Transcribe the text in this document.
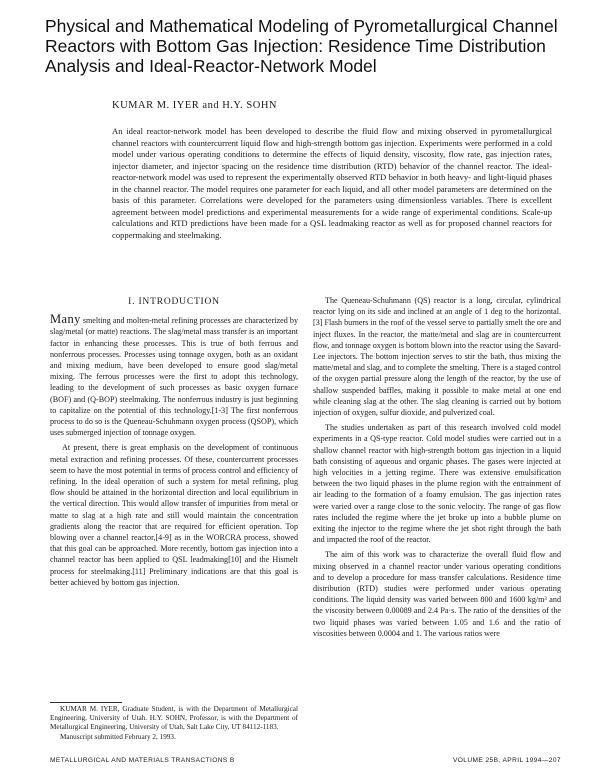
Physical and Mathematical Modeling of Pyrometallurgical Channel Reactors with Bottom Gas Injection: Residence Time Distribution Analysis and Ideal-Reactor-Network Model
KUMAR M. IYER and H.Y. SOHN
An ideal reactor-network model has been developed to describe the fluid flow and mixing observed in pyrometallurgical channel reactors with countercurrent liquid flow and high-strength bottom gas injection. Experiments were performed in a cold model under various operating conditions to determine the effects of liquid density, viscosity, flow rate, gas injection rates, injector diameter, and injector spacing on the residence time distribution (RTD) behavior of the channel reactor. The ideal-reactor-network model was used to represent the experimentally observed RTD behavior in both heavy- and light-liquid phases in the channel reactor. The model requires one parameter for each liquid, and all other model parameters are determined on the basis of this parameter. Correlations were developed for the parameters using dimensionless variables. There is excellent agreement between model predictions and experimental measurements for a wide range of experimental conditions. Scale-up calculations and RTD predictions have been made for a QSL leadmaking reactor as well as for proposed channel reactors for coppermaking and steelmaking.
I. INTRODUCTION

Many smelting and molten-metal refining processes are characterized by slag/metal (or matte) reactions. The slag/metal mass transfer is an important factor in enhancing these processes. This is true of both ferrous and nonferrous processes. Processes using tonnage oxygen, both as an oxidant and mixing medium, have been developed to ensure good slag/metal mixing. The ferrous processes were the first to adopt this technology, leading to the development of such processes as basic oxygen furnace (BOF) and (Q-BOP) steelmaking. The nonferrous industry is just beginning to capitalize on the potential of this technology.[1-3] The first nonferrous process to do so is the Queneau-Schuhmann oxygen process (QSOP), which uses submerged injection of tonnage oxygen.

At present, there is great emphasis on the development of continuous metal extraction and refining processes. Of these, countercurrent processes seem to have the most potential in terms of process control and efficiency of refining. In the ideal operation of such a system for metal refining, plug flow should be attained in the horizontal direction and local equilibrium in the vertical direction. This would allow transfer of impurities from metal or matte to slag at a high rate and still would maintain the concentration gradients along the reactor that are required for efficient operation. Top blowing over a channel reactor,[4-9] as in the WORCRA process, showed that this goal can be approached. More recently, bottom gas injection into a channel reactor has been applied to QSL leadmaking[10] and the Hismelt process for steelmaking.[11] Preliminary indications are that this goal is better achieved by bottom gas injection.

The Queneau-Schuhmann (QS) reactor is a long, circular, cylindrical reactor lying on its side and inclined at an angle of 1 deg to the horizontal.[3] Flash burners in the roof of the vessel serve to partially smelt the ore and inject fluxes. In the reactor, the matte/metal and slag are in countercurrent flow, and tonnage oxygen is bottom blown into the reactor using the Savard-Lee injectors. The bottom injection serves to stir the bath, thus mixing the matte/metal and slag, and to complete the smelting. There is a staged control of the oxygen partial pressure along the length of the reactor, by the use of shallow suspended baffles, making it possible to make metal at one end while cleaning slag at the other. The slag cleaning is carried out by bottom injection of oxygen, sulfur dioxide, and pulverized coal.

The studies undertaken as part of this research involved cold model experiments in a QS-type reactor. Cold model studies were carried out in a shallow channel reactor with high-strength bottom gas injection in a liquid bath consisting of aqueous and organic phases. The gases were injected at high velocities in a jetting regime. There was extensive emulsification between the two liquid phases in the plume region with the entrainment of air leading to the formation of a foamy emulsion. The gas injection rates were varied over a range close to the sonic velocity. The range of gas flow rates included the regime where the jet broke up into a bubble plume on exiting the injector to the regime where the jet shot right through the bath and impacted the roof of the reactor.

The aim of this work was to characterize the overall fluid flow and mixing observed in a channel reactor under various operating conditions and to develop a procedure for mass transfer calculations. Residence time distribution (RTD) studies were performed under various operating conditions. The liquid density was varied between 800 and 1600 kg/m³ and the viscosity between 0.00089 and 2.4 Pa·s. The ratio of the densities of the two liquid phases was varied between 1.05 and 1.6 and the ratio of viscosities between 0.0004 and 1. The various ratios were

KUMAR M. IYER, Graduate Student, is with the Department of Metallurgical Engineering, University of Utah. H.Y. SOHN, Professor, is with the Department of Metallurgical Engineering, University of Utah, Salt Lake City, UT 84112-1183.

Manuscript submitted February 2, 1993.

METALLURGICAL AND MATERIALS TRANSACTIONS B	VOLUME 25B, APRIL 1994—207
